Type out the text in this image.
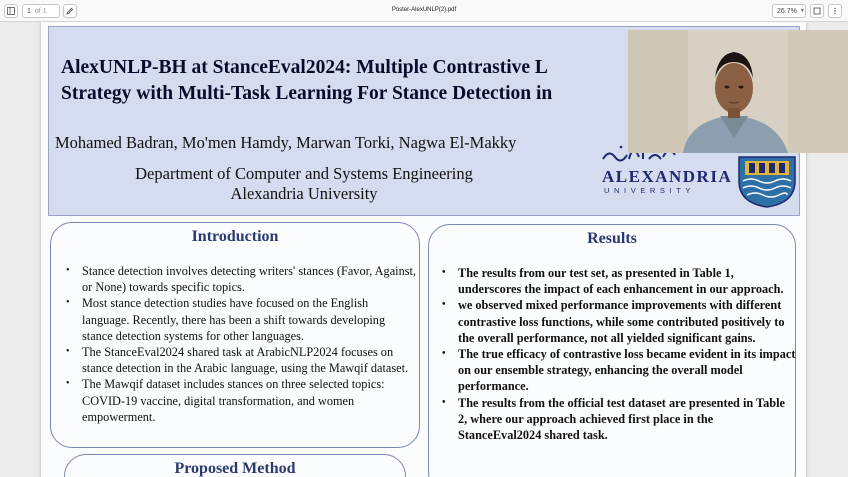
1 of 1	Poster-AlexUNLP(2).pdf	26.7% ▼
AlexUNLP-BH at StanceEval2024: Multiple Contrastive L
Strategy with Multi-Task Learning For Stance Detection in
Mohamed Badran, Mo'men Hamdy, Marwan Torki, Nagwa El-Makky
Department of Computer and Systems Engineering
Alexandria University
ALEXANDRIA
UNIVERSITY
Introduction
• Stance detection involves detecting writers' stances (Favor, Against, or None) towards specific topics.
• Most stance detection studies have focused on the English language. Recently, there has been a shift towards developing stance detection systems for other languages.
• The StanceEval2024 shared task at ArabicNLP2024 focuses on stance detection in the Arabic language, using the Mawqif dataset.
• The Mawqif dataset includes stances on three selected topics: COVID-19 vaccine, digital transformation, and women empowerment.
Results
• The results from our test set, as presented in Table 1, underscores the impact of each enhancement in our approach.
• we observed mixed performance improvements with different contrastive loss functions, while some contributed positively to the overall performance, not all yielded significant gains.
• The true efficacy of contrastive loss became evident in its impact on our ensemble strategy, enhancing the overall model performance.
• The results from the official test dataset are presented in Table 2, where our approach achieved first place in the StanceEval2024 shared task.
Proposed Method
